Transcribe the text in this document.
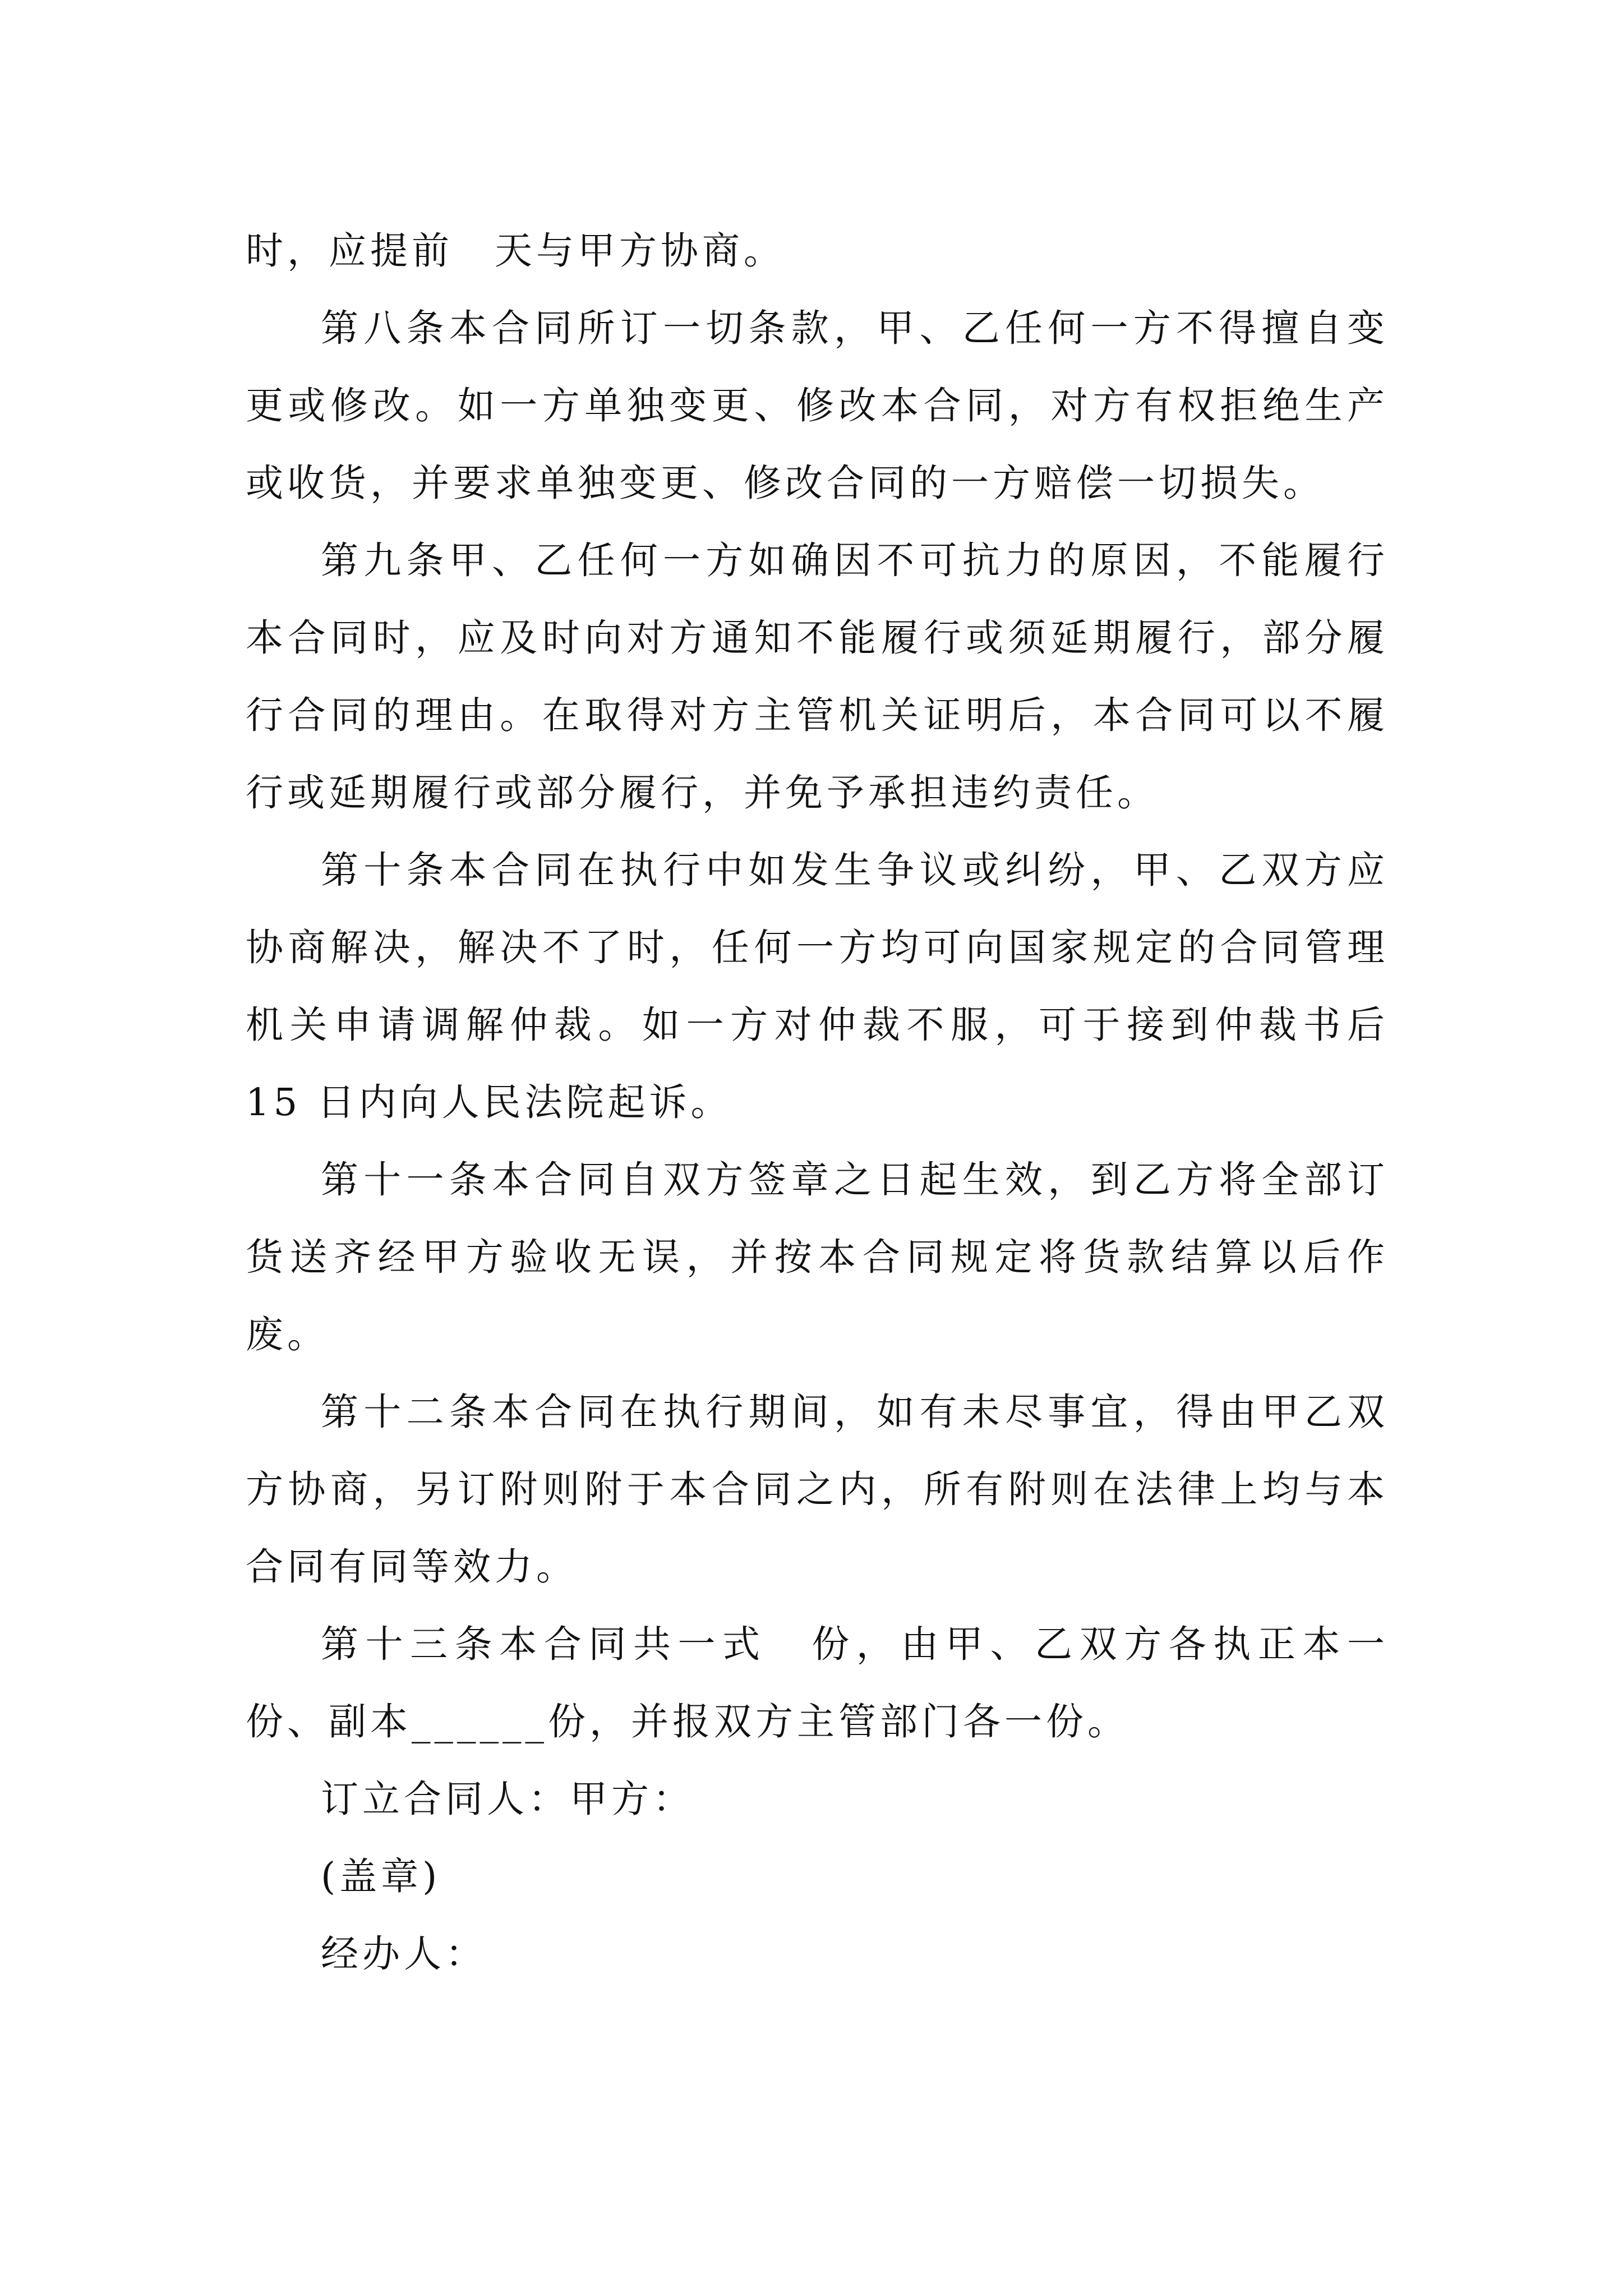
时，应提前　天与甲方协商。

第八条本合同所订一切条款，甲、乙任何一方不得擅自变更或修改。如一方单独变更、修改本合同，对方有权拒绝生产或收货，并要求单独变更、修改合同的一方赔偿一切损失。

第九条甲、乙任何一方如确因不可抗力的原因，不能履行本合同时，应及时向对方通知不能履行或须延期履行，部分履行合同的理由。在取得对方主管机关证明后，本合同可以不履行或延期履行或部分履行，并免予承担违约责任。

第十条本合同在执行中如发生争议或纠纷，甲、乙双方应协商解决，解决不了时，任何一方均可向国家规定的合同管理机关申请调解仲裁。如一方对仲裁不服，可于接到仲裁书后 15 日内向人民法院起诉。

第十一条本合同自双方签章之日起生效，到乙方将全部订货送齐经甲方验收无误，并按本合同规定将货款结算以后作废。

第十二条本合同在执行期间，如有未尽事宜，得由甲乙双方协商，另订附则附于本合同之内，所有附则在法律上均与本合同有同等效力。

第十三条本合同共一式　份，由甲、乙双方各执正本一份、副本______份，并报双方主管部门各一份。

订立合同人：甲方：

(盖章)

经办人：
